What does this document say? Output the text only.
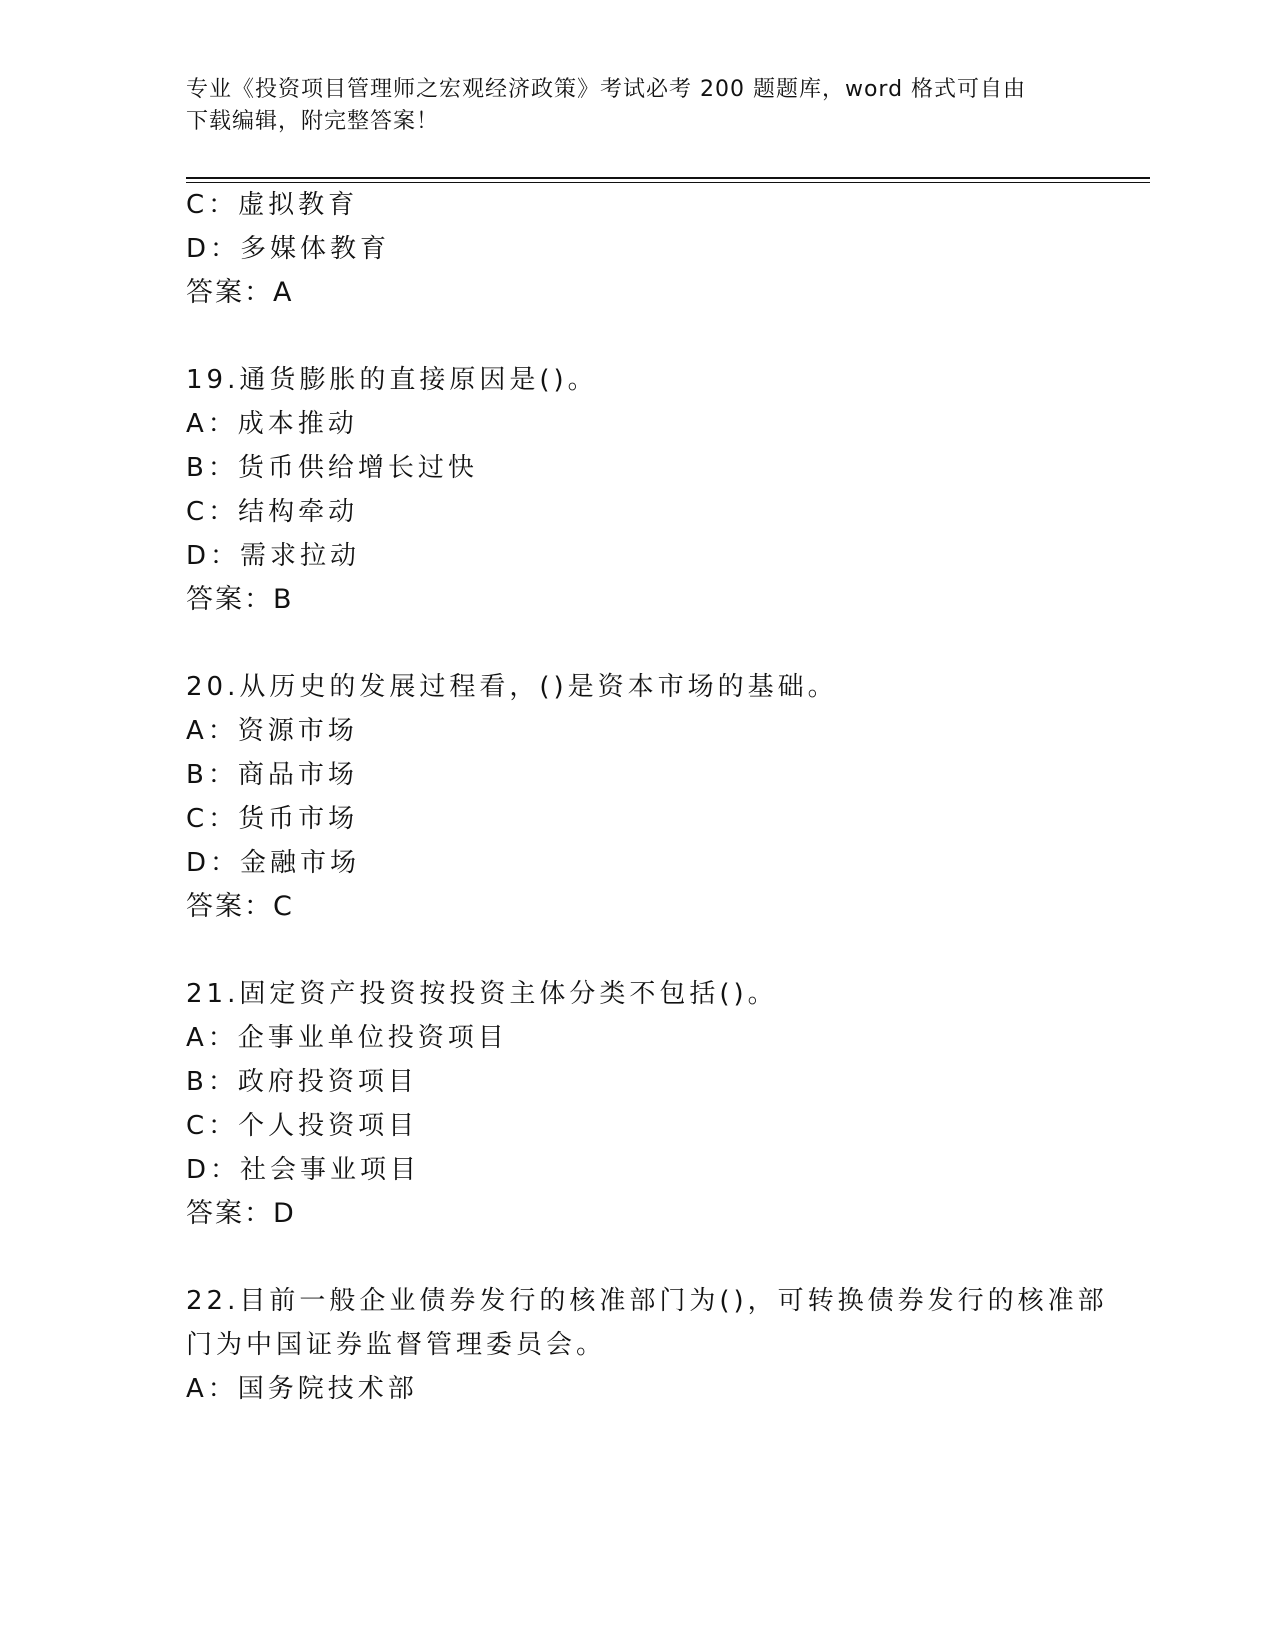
专业《投资项目管理师之宏观经济政策》考试必考 200 题题库，word 格式可自由
下载编辑，附完整答案！
C：虚拟教育
D：多媒体教育
答案：A
19.通货膨胀的直接原因是()。
A：成本推动
B：货币供给增长过快
C：结构牵动
D：需求拉动
答案：B
20.从历史的发展过程看，()是资本市场的基础。
A：资源市场
B：商品市场
C：货币市场
D：金融市场
答案：C
21.固定资产投资按投资主体分类不包括()。
A：企事业单位投资项目
B：政府投资项目
C：个人投资项目
D：社会事业项目
答案：D
22.目前一般企业债券发行的核准部门为()，可转换债券发行的核准部
门为中国证券监督管理委员会。
A：国务院技术部
